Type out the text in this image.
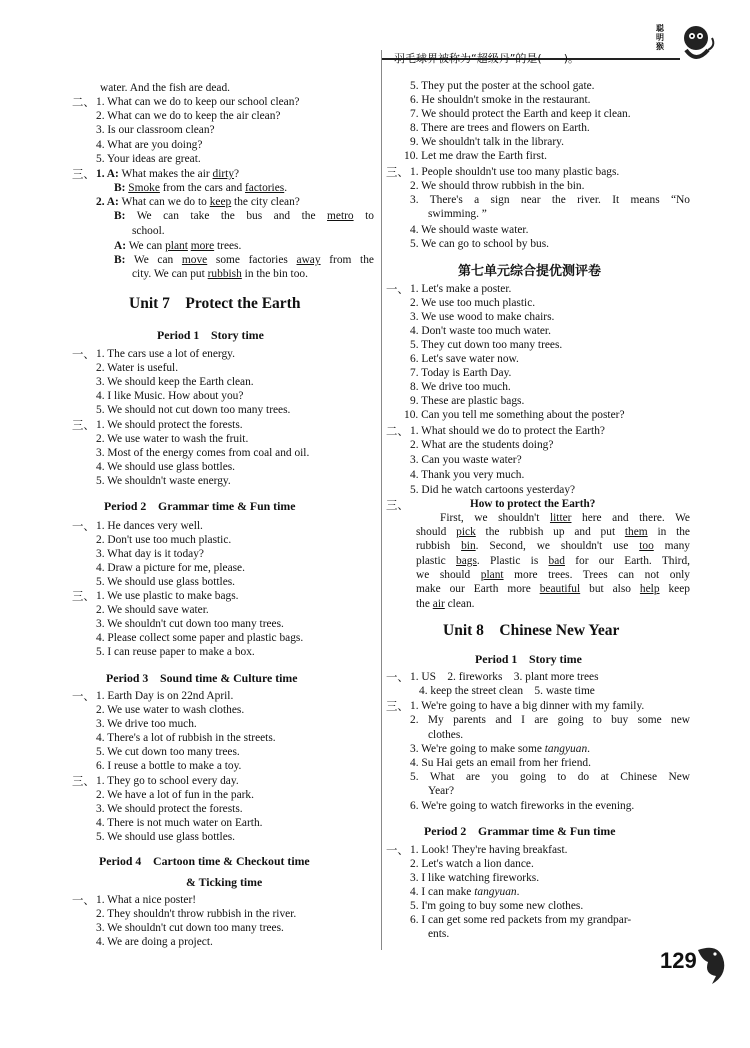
羽毛球界被称为“超级丹”的是(　　)。
聪明猴
water. And the fish are dead.
二、 1. What can we do to keep our school clean?
2. What can we do to keep the air clean?
3. Is our classroom clean?
4. What are you doing?
5. Your ideas are great.
三、 1. A: What makes the air dirty?
B: Smoke from the cars and factories.
2. A: What can we do to keep the city clean?
B: We can take the bus and the metro to
school.
A: We can plant more trees.
B: We can move some factories away from the
city. We can put rubbish in the bin too.
Unit 7　Protect the Earth
Period 1　Story time
一、 1. The cars use a lot of energy.
2. Water is useful.
3. We should keep the Earth clean.
4. I like Music. How about you?
5. We should not cut down too many trees.
三、 1. We should protect the forests.
2. We use water to wash the fruit.
3. Most of the energy comes from coal and oil.
4. We should use glass bottles.
5. We shouldn't waste energy.
Period 2　Grammar time & Fun time
一、 1. He dances very well.
2. Don't use too much plastic.
3. What day is it today?
4. Draw a picture for me, please.
5. We should use glass bottles.
三、 1. We use plastic to make bags.
2. We should save water.
3. We shouldn't cut down too many trees.
4. Please collect some paper and plastic bags.
5. I can reuse paper to make a box.
Period 3　Sound time & Culture time
一、 1. Earth Day is on 22nd April.
2. We use water to wash clothes.
3. We drive too much.
4. There's a lot of rubbish in the streets.
5. We cut down too many trees.
6. I reuse a bottle to make a toy.
三、 1. They go to school every day.
2. We have a lot of fun in the park.
3. We should protect the forests.
4. There is not much water on Earth.
5. We should use glass bottles.
Period 4　Cartoon time & Checkout time
& Ticking time
一、 1. What a nice poster!
2. They shouldn't throw rubbish in the river.
3. We shouldn't cut down too many trees.
4. We are doing a project.
5. They put the poster at the school gate.
6. He shouldn't smoke in the restaurant.
7. We should protect the Earth and keep it clean.
8. There are trees and flowers on Earth.
9. We shouldn't talk in the library.
10. Let me draw the Earth first.
三、 1. People shouldn't use too many plastic bags.
2. We should throw rubbish in the bin.
3. There's a sign near the river. It means “No
swimming. ”
4. We should waste water.
5. We can go to school by bus.
第七单元综合提优测评卷
一、 1. Let's make a poster.
2. We use too much plastic.
3. We use wood to make chairs.
4. Don't waste too much water.
5. They cut down too many trees.
6. Let's save water now.
7. Today is Earth Day.
8. We drive too much.
9. These are plastic bags.
10. Can you tell me something about the poster?
二、 1. What should we do to protect the Earth?
2. What are the students doing?
3. Can you waste water?
4. Thank you very much.
5. Did he watch cartoons yesterday?
三、	How to protect the Earth?
First, we shouldn't litter here and there. We
should pick the rubbish up and put them in the
rubbish bin. Second, we shouldn't use too many
plastic bags. Plastic is bad for our Earth. Third,
we should plant more trees. Trees can not only
make our Earth more beautiful but also help keep
the air clean.
Unit 8　Chinese New Year
Period 1　Story time
一、 1. US　2. fireworks　3. plant more trees
4. keep the street clean　5. waste time
三、 1. We're going to have a big dinner with my family.
2. My parents and I are going to buy some new
clothes.
3. We're going to make some tangyuan.
4. Su Hai gets an email from her friend.
5. What are you going to do at Chinese New
Year?
6. We're going to watch fireworks in the evening.
Period 2　Grammar time & Fun time
一、 1. Look! They're having breakfast.
2. Let's watch a lion dance.
3. I like watching fireworks.
4. I can make tangyuan.
5. I'm going to buy some new clothes.
6. I can get some red packets from my grandpar-
ents.
129
